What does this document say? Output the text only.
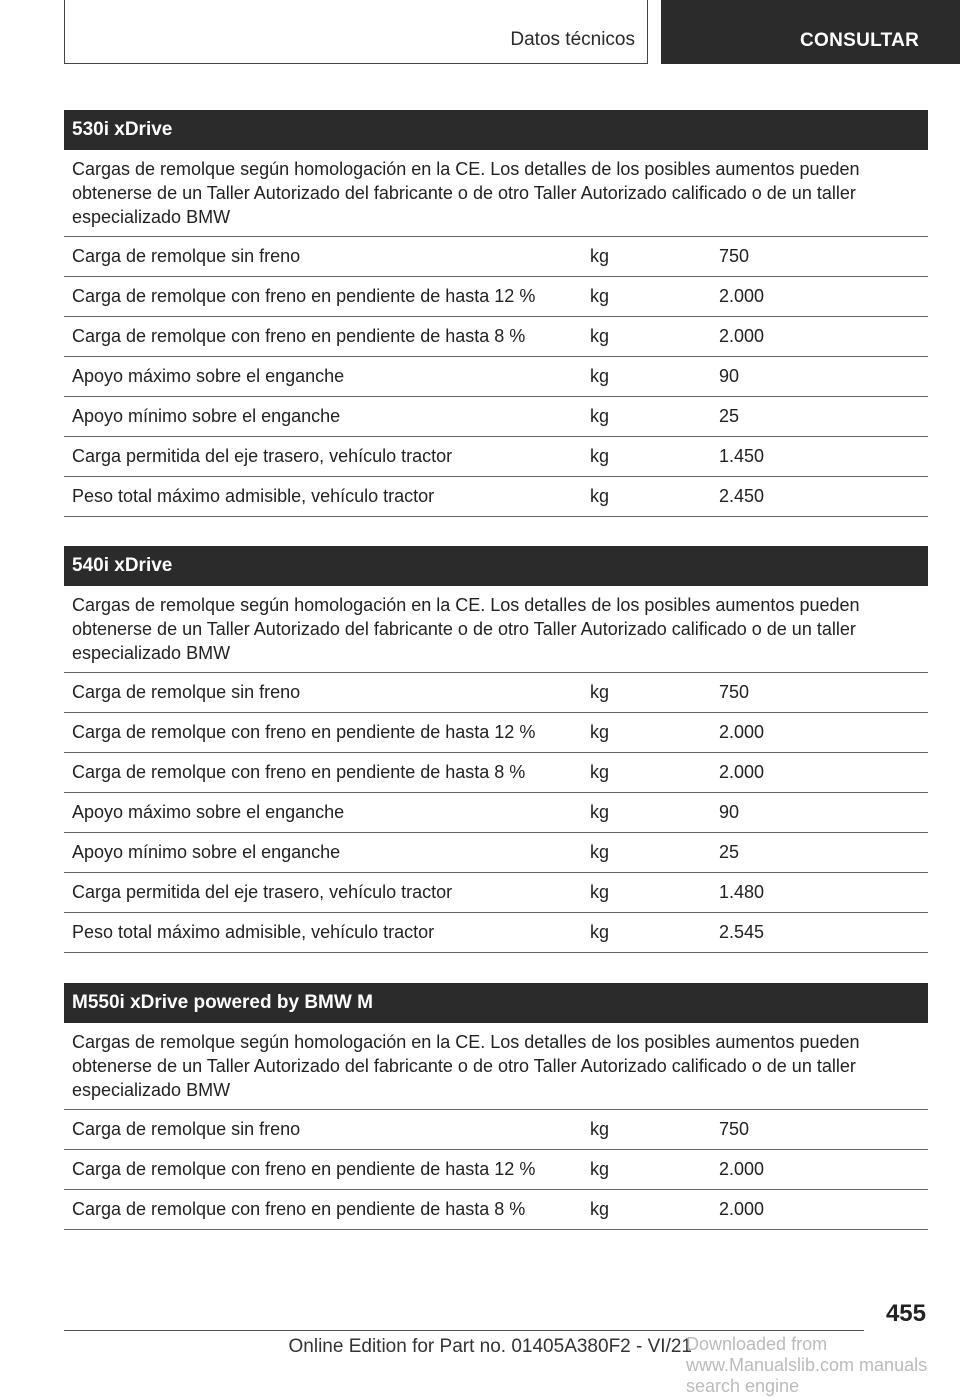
Datos técnicos	CONSULTAR
530i xDrive
Cargas de remolque según homologación en la CE. Los detalles de los posibles aumentos pueden obtenerse de un Taller Autorizado del fabricante o de otro Taller Autorizado calificado o de un taller especializado BMW
Carga de remolque sin freno	kg	750
Carga de remolque con freno en pendiente de hasta 12 %	kg	2.000
Carga de remolque con freno en pendiente de hasta 8 %	kg	2.000
Apoyo máximo sobre el enganche	kg	90
Apoyo mínimo sobre el enganche	kg	25
Carga permitida del eje trasero, vehículo tractor	kg	1.450
Peso total máximo admisible, vehículo tractor	kg	2.450
540i xDrive
Cargas de remolque según homologación en la CE. Los detalles de los posibles aumentos pueden obtenerse de un Taller Autorizado del fabricante o de otro Taller Autorizado calificado o de un taller especializado BMW
Carga de remolque sin freno	kg	750
Carga de remolque con freno en pendiente de hasta 12 %	kg	2.000
Carga de remolque con freno en pendiente de hasta 8 %	kg	2.000
Apoyo máximo sobre el enganche	kg	90
Apoyo mínimo sobre el enganche	kg	25
Carga permitida del eje trasero, vehículo tractor	kg	1.480
Peso total máximo admisible, vehículo tractor	kg	2.545
M550i xDrive powered by BMW M
Cargas de remolque según homologación en la CE. Los detalles de los posibles aumentos pueden obtenerse de un Taller Autorizado del fabricante o de otro Taller Autorizado calificado o de un taller especializado BMW
Carga de remolque sin freno	kg	750
Carga de remolque con freno en pendiente de hasta 12 %	kg	2.000
Carga de remolque con freno en pendiente de hasta 8 %	kg	2.000
455
Online Edition for Part no. 01405A380F2 - VI/21
Downloaded from www.Manualslib.com manuals search engine
